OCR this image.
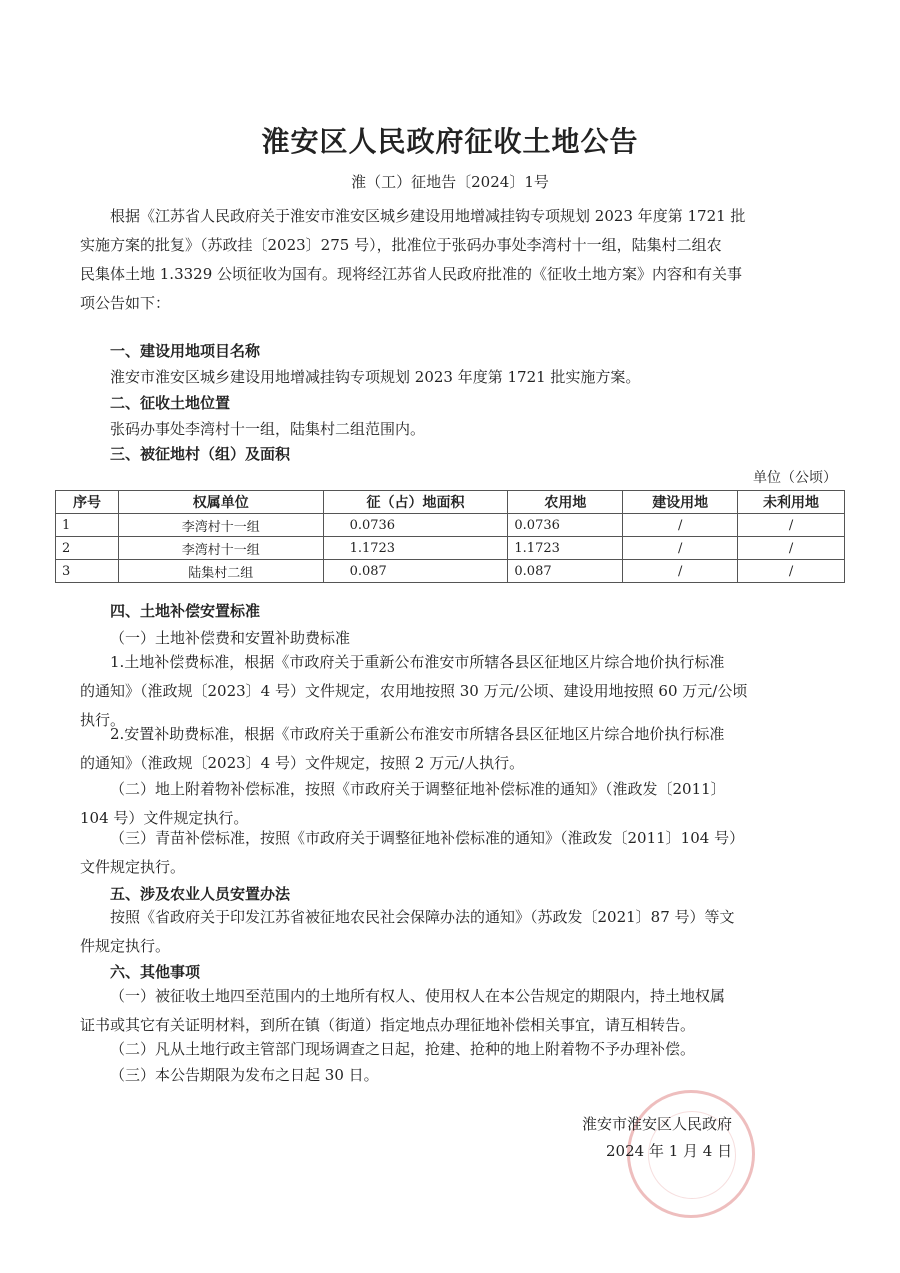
淮安区人民政府征收土地公告
淮（工）征地告〔2024〕1号

根据《江苏省人民政府关于淮安市淮安区城乡建设用地增减挂钩专项规划 2023 年度第 1721 批
实施方案的批复》（苏政挂〔2023〕275 号），批准位于张码办事处李湾村十一组，陆集村二组农
民集体土地 1.3329 公顷征收为国有。现将经江苏省人民政府批准的《征收土地方案》内容和有关事
项公告如下：

一、建设用地项目名称
淮安市淮安区城乡建设用地增减挂钩专项规划 2023 年度第 1721 批实施方案。
二、征收土地位置
张码办事处李湾村十一组，陆集村二组范围内。
三、被征地村（组）及面积
单位（公顷）
序号	权属单位	征（占）地面积	农用地	建设用地	未利用地
1	李湾村十一组	0.0736	0.0736	/	/
2	李湾村十一组	1.1723	1.1723	/	/
3	陆集村二组	0.087	0.087	/	/
四、土地补偿安置标准
（一）土地补偿费和安置补助费标准

1.土地补偿费标准，根据《市政府关于重新公布淮安市所辖各县区征地区片综合地价执行标准
的通知》（淮政规〔2023〕4 号）文件规定，农用地按照 30 万元/公顷、建设用地按照 60 万元/公顷
执行。

2.安置补助费标准，根据《市政府关于重新公布淮安市所辖各县区征地区片综合地价执行标准
的通知》（淮政规〔2023〕4 号）文件规定，按照 2 万元/人执行。

（二）地上附着物补偿标准，按照《市政府关于调整征地补偿标准的通知》（淮政发〔2011〕
104 号）文件规定执行。

（三）青苗补偿标准，按照《市政府关于调整征地补偿标准的通知》（淮政发〔2011〕104 号）
文件规定执行。

五、涉及农业人员安置办法

按照《省政府关于印发江苏省被征地农民社会保障办法的通知》（苏政发〔2021〕87 号）等文
件规定执行。

六、其他事项

（一）被征收土地四至范围内的土地所有权人、使用权人在本公告规定的期限内，持土地权属
证书或其它有关证明材料，到所在镇（街道）指定地点办理征地补偿相关事宜，请互相转告。

（二）凡从土地行政主管部门现场调查之日起，抢建、抢种的地上附着物不予办理补偿。
（三）本公告期限为发布之日起 30 日。
淮安市淮安区人民政府
2024 年 1 月 4 日
